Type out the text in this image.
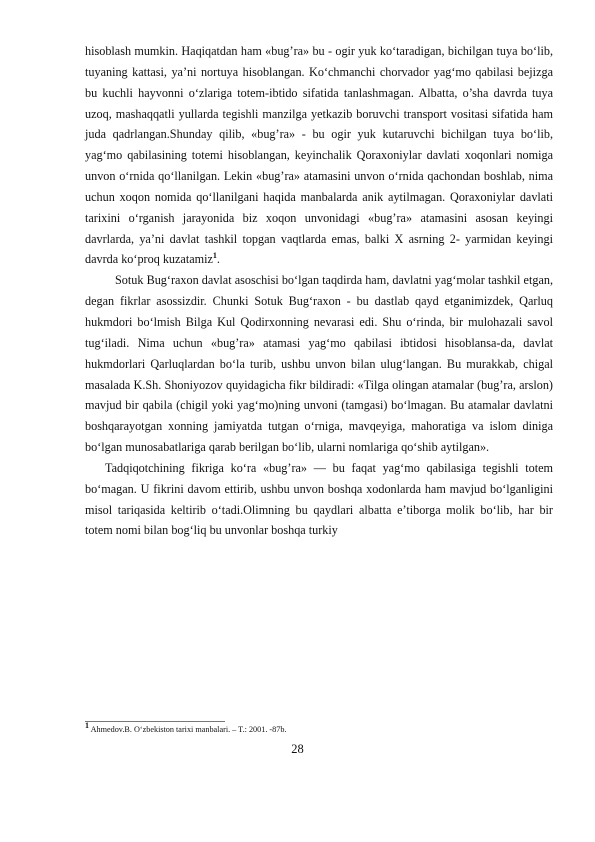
hisoblash mumkin. Haqiqatdan ham «bug’ra» bu - ogir yuk ko‘taradigan, bichilgan tuya bo‘lib, tuyaning kattasi, ya’ni nortuya hisoblangan. Ko‘chmanchi chorvador yag‘mo qabilasi bejizga bu kuchli hayvonni o‘zlariga totem-ibtido sifatida tanlashmagan. Albatta, o’sha davrda tuya uzoq, mashaqqatli yullarda tegishli manzilga yetkazib boruvchi transport vositasi sifatida ham juda qadrlangan.Shunday qilib, «bug’ra» - bu ogir yuk kutaruvchi bichilgan tuya bo‘lib, yag‘mo qabilasining totemi hisoblangan, keyinchalik Qoraxoniylar davlati xoqonlari nomiga unvon o‘rnida qo‘llanilgan. Lekin «bug’ra» atamasini unvon o‘rnida qachondan boshlab, nima uchun xoqon nomida qo‘llanilgani haqida manbalarda anik aytilmagan. Qoraxoniylar davlati tarixini o‘rganish jarayonida biz xoqon unvonidagi «bug’ra» atamasini asosan keyingi davrlarda, ya’ni davlat tashkil topgan vaqtlarda emas, balki X asrning 2- yarmidan keyingi davrda ko‘proq kuzatamiz$^1$.

Sotuk Bug‘raxon davlat asoschisi bo‘lgan taqdirda ham, davlatni yag‘molar tashkil etgan, degan fikrlar asossizdir. Chunki Sotuk Bug‘raxon - bu dastlab qayd etganimizdek, Qarluq hukmdori bo‘lmish Bilga Kul Qodirxonning nevarasi edi. Shu o‘rinda, bir mulohazali savol tug‘iladi. Nima uchun «bug’ra» atamasi yag‘mo qabilasi ibtidosi hisoblansa-da, davlat hukmdorlari Qarluqlardan bo‘la turib, ushbu unvon bilan ulug‘langan. Bu murakkab, chigal masalada K.Sh. Shoniyozov quyidagicha fikr bildiradi: «Tilga olingan atamalar (bug’ra, arslon) mavjud bir qabila (chigil yoki yag‘mo)ning unvoni (tamgasi) bo‘lmagan. Bu atamalar davlatni boshqarayotgan xonning jamiyatda tutgan o‘rniga, mavqeyiga, mahoratiga va islom diniga bo‘lgan munosabatlariga qarab berilgan bo‘lib, ularni nomlariga qo‘shib aytilgan».

Tadqiqotchining fikriga ko‘ra «bug’ra» — bu faqat yag‘mo qabilasiga tegishli totem bo‘magan. U fikrini davom ettirib, ushbu unvon boshqa xodonlarda ham mavjud bo‘lganligini misol tariqasida keltirib o‘tadi.Olimning bu qaydlari albatta e’tiborga molik bo‘lib, har bir totem nomi bilan bog‘liq bu unvonlar boshqa turkiy

$^1$ Ahmedov.B. O‘zbekiston tarixi manbalari. – T.: 2001. -87b.
28
